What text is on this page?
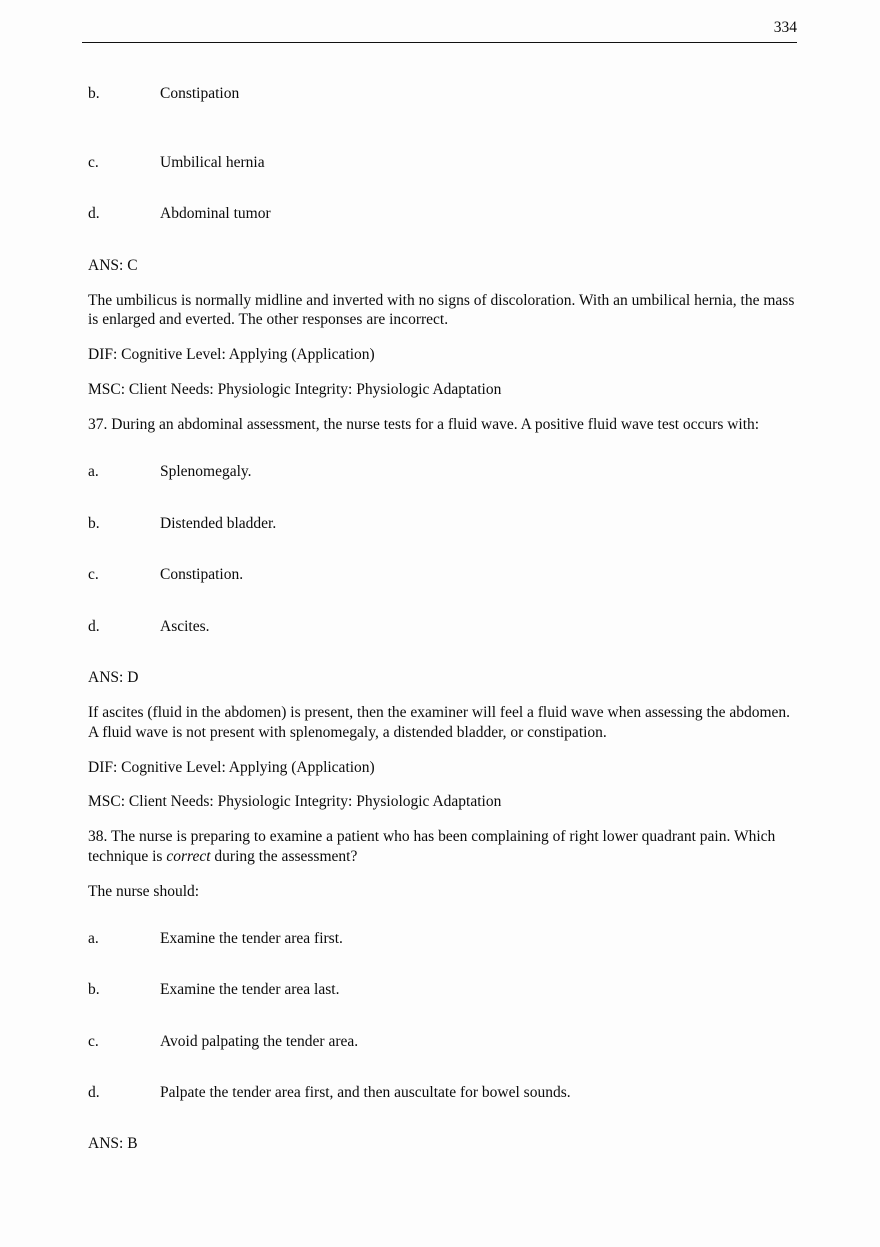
334
b.	Constipation
c.	Umbilical hernia
d.	Abdominal tumor

ANS: C

The umbilicus is normally midline and inverted with no signs of discoloration. With an umbilical hernia, the mass is enlarged and everted. The other responses are incorrect.

DIF: Cognitive Level: Applying (Application)

MSC: Client Needs: Physiologic Integrity: Physiologic Adaptation

37. During an abdominal assessment, the nurse tests for a fluid wave. A positive fluid wave test occurs with:

a.	Splenomegaly.
b.	Distended bladder.
c.	Constipation.
d.	Ascites.

ANS: D

If ascites (fluid in the abdomen) is present, then the examiner will feel a fluid wave when assessing the abdomen. A fluid wave is not present with splenomegaly, a distended bladder, or constipation.

DIF: Cognitive Level: Applying (Application)

MSC: Client Needs: Physiologic Integrity: Physiologic Adaptation

38. The nurse is preparing to examine a patient who has been complaining of right lower quadrant pain. Which technique is correct during the assessment?

The nurse should:

a.	Examine the tender area first.
b.	Examine the tender area last.
c.	Avoid palpating the tender area.
d.	Palpate the tender area first, and then auscultate for bowel sounds.

ANS: B
